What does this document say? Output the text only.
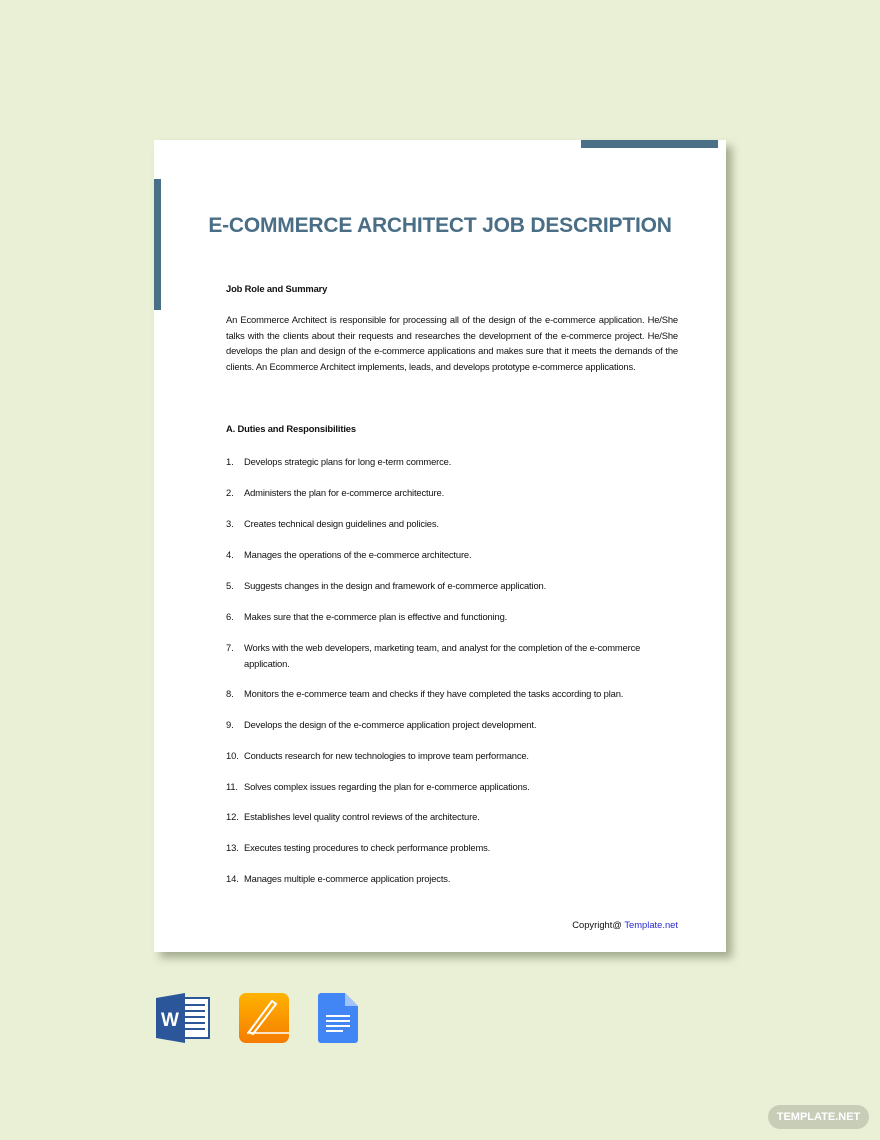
E-COMMERCE ARCHITECT JOB DESCRIPTION
Job Role and Summary
An Ecommerce Architect is responsible for processing all of the design of the e-commerce application. He/She talks with the clients about their requests and researches the development of the e-commerce project. He/She develops the plan and design of the e-commerce applications and makes sure that it meets the demands of the clients. An Ecommerce Architect implements, leads, and develops prototype e-commerce applications.
A. Duties and Responsibilities
1.	Develops strategic plans for long e-term commerce.
2.	Administers the plan for e-commerce architecture.
3.	Creates technical design guidelines and policies.
4.	Manages the operations of the e-commerce architecture.
5.	Suggests changes in the design and framework of e-commerce application.
6.	Makes sure that the e-commerce plan is effective and functioning.
7.	Works with the web developers, marketing team, and analyst for the completion of the e-commerce application.
8.	Monitors the e-commerce team and checks if they have completed the tasks according to plan.
9.	Develops the design of the e-commerce application project development.
10. Conducts research for new technologies to improve team performance.
11. Solves complex issues regarding the plan for e-commerce applications.
12. Establishes level quality control reviews of the architecture.
13. Executes testing procedures to check performance problems.
14. Manages multiple e-commerce application projects.
Copyright@ Template.net
W
TEMPLATE.NET
